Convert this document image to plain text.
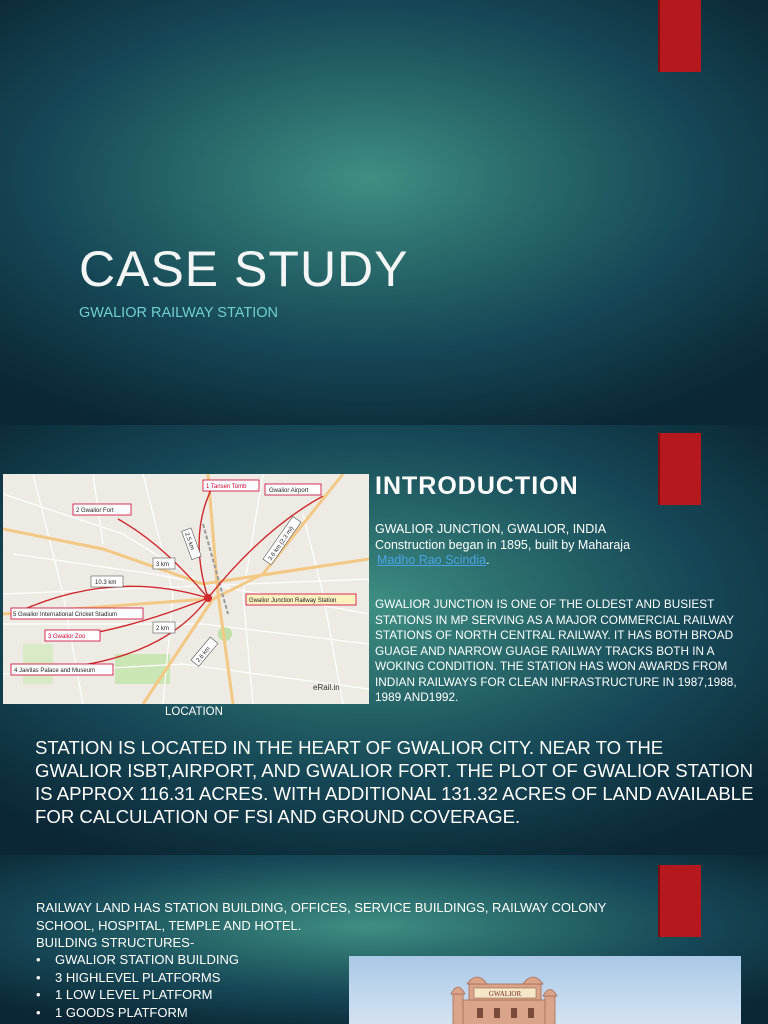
CASE STUDY
GWALIOR RAILWAY STATION
1 Tansen Tomb
Gwalior Airport
2 Gwalior Fort
Gwalior Junction Railway Station
5 Gwalior International Cricket Stadium
3 Gwalior Zoo
4 Jaivilas Palace and Museum
10.3 km
3 km
2 km
2.5 km	3.6 km (2.3 mi)
2.6 km
eRail.in
LOCATION
INTRODUCTION
GWALIOR JUNCTION, GWALIOR, INDIA
Construction began in 1895, built by Maharaja
Madho Rao Scindia.
GWALIOR JUNCTION IS ONE OF THE OLDEST AND BUSIEST STATIONS IN MP SERVING AS A MAJOR COMMERCIAL RAILWAY STATIONS OF NORTH CENTRAL RAILWAY. IT HAS BOTH BROAD GUAGE AND NARROW GUAGE RAILWAY TRACKS BOTH IN A WOKING CONDITION. THE STATION HAS WON AWARDS FROM INDIAN RAILWAYS FOR CLEAN INFRASTRUCTURE IN 1987,1988, 1989 AND1992.
STATION IS LOCATED IN THE HEART OF GWALIOR CITY. NEAR TO THE GWALIOR ISBT,AIRPORT, AND GWALIOR FORT. THE PLOT OF GWALIOR STATION IS APPROX 116.31 ACRES. WITH ADDITIONAL 131.32 ACRES OF LAND AVAILABLE FOR CALCULATION OF FSI AND GROUND COVERAGE.
RAILWAY LAND HAS STATION BUILDING, OFFICES, SERVICE BUILDINGS, RAILWAY COLONY SCHOOL, HOSPITAL, TEMPLE AND HOTEL.
BUILDING STRUCTURES-
•	GWALIOR STATION BUILDING
•	3 HIGHLEVEL PLATFORMS
•	1 LOW LEVEL PLATFORM
•	1 GOODS PLATFORM
GWALIOR
